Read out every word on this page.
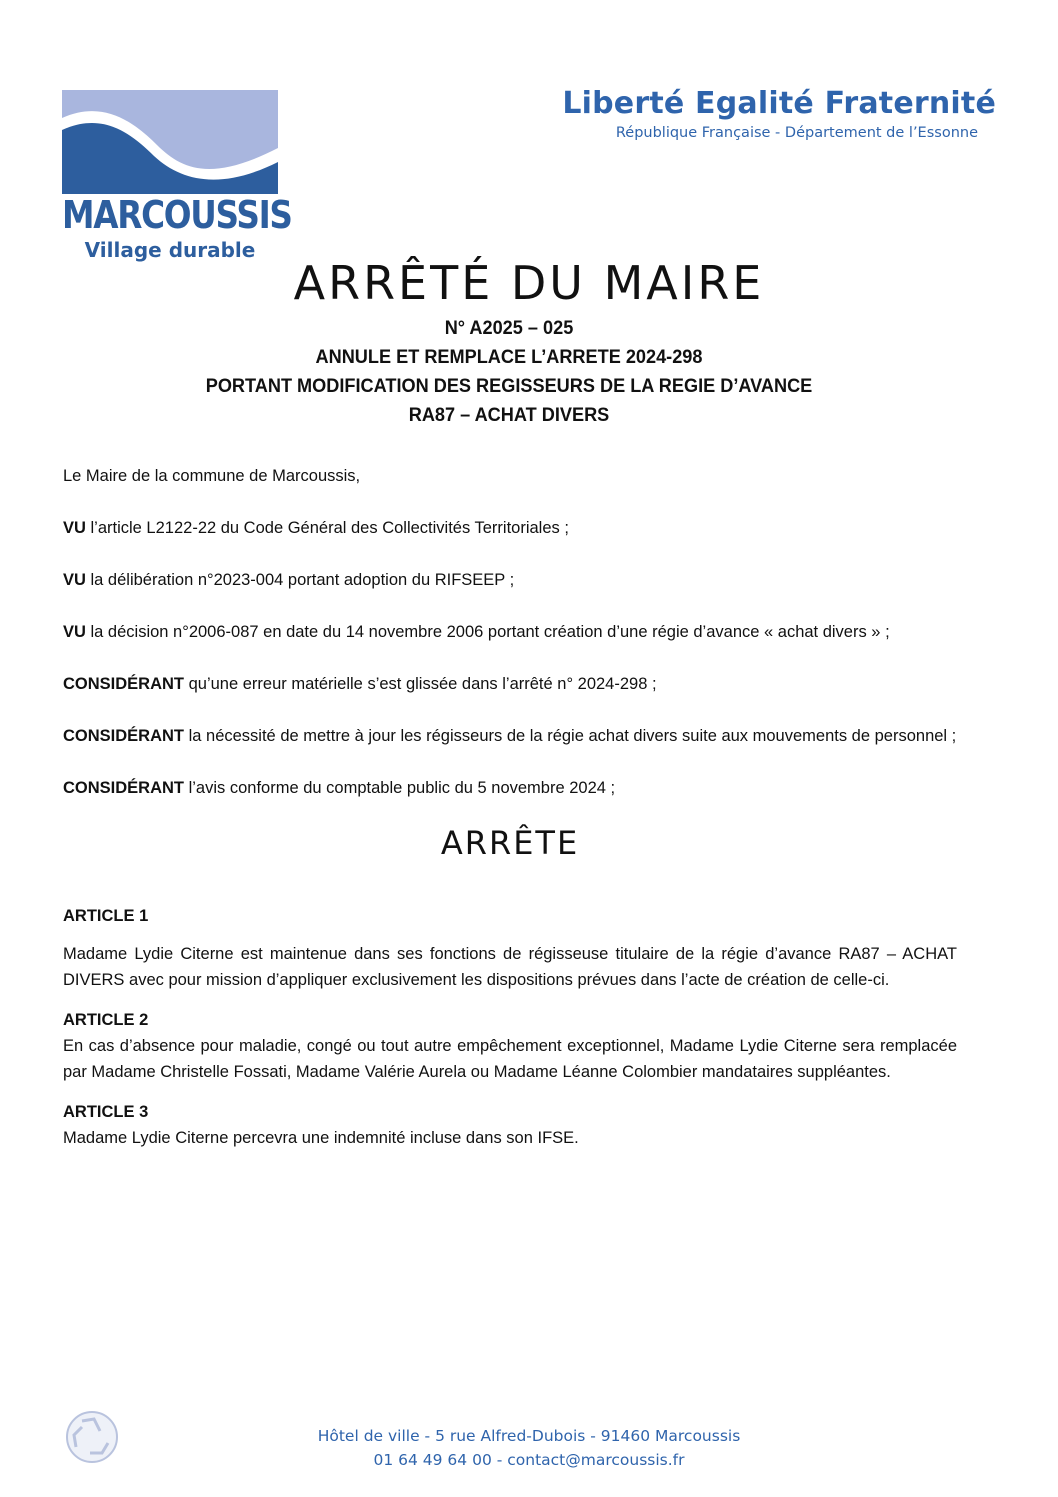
MARCOUSSIS
Village durable
Liberté Egalité Fraternité
République Française - Département de l’Essonne
ARRÊTÉ DU MAIRE
N° A2025 – 025
ANNULE ET REMPLACE L’ARRETE 2024-298
PORTANT MODIFICATION DES REGISSEURS DE LA REGIE D’AVANCE
RA87 – ACHAT DIVERS

Le Maire de la commune de Marcoussis,

VU l’article L2122-22 du Code Général des Collectivités Territoriales ;

VU la délibération n°2023-004 portant adoption du RIFSEEP ;

VU la décision n°2006-087 en date du 14 novembre 2006 portant création d’une régie d’avance « achat divers » ;

CONSIDÉRANT qu’une erreur matérielle s’est glissée dans l’arrêté n° 2024-298 ;

CONSIDÉRANT la nécessité de mettre à jour les régisseurs de la régie achat divers suite aux mouvements de personnel ;

CONSIDÉRANT l’avis conforme du comptable public du 5 novembre 2024 ;

ARRÊTE

ARTICLE 1

Madame Lydie Citerne est maintenue dans ses fonctions de régisseuse titulaire de la régie d’avance RA87 – ACHAT DIVERS avec pour mission d’appliquer exclusivement les dispositions prévues dans l’acte de création de celle-ci.

ARTICLE 2

En cas d’absence pour maladie, congé ou tout autre empêchement exceptionnel, Madame Lydie Citerne sera remplacée par Madame Christelle Fossati, Madame Valérie Aurela ou Madame Léanne Colombier mandataires suppléantes.

ARTICLE 3

Madame Lydie Citerne percevra une indemnité incluse dans son IFSE.

Hôtel de ville - 5 rue Alfred-Dubois - 91460 Marcoussis
01 64 49 64 00 - contact@marcoussis.fr
